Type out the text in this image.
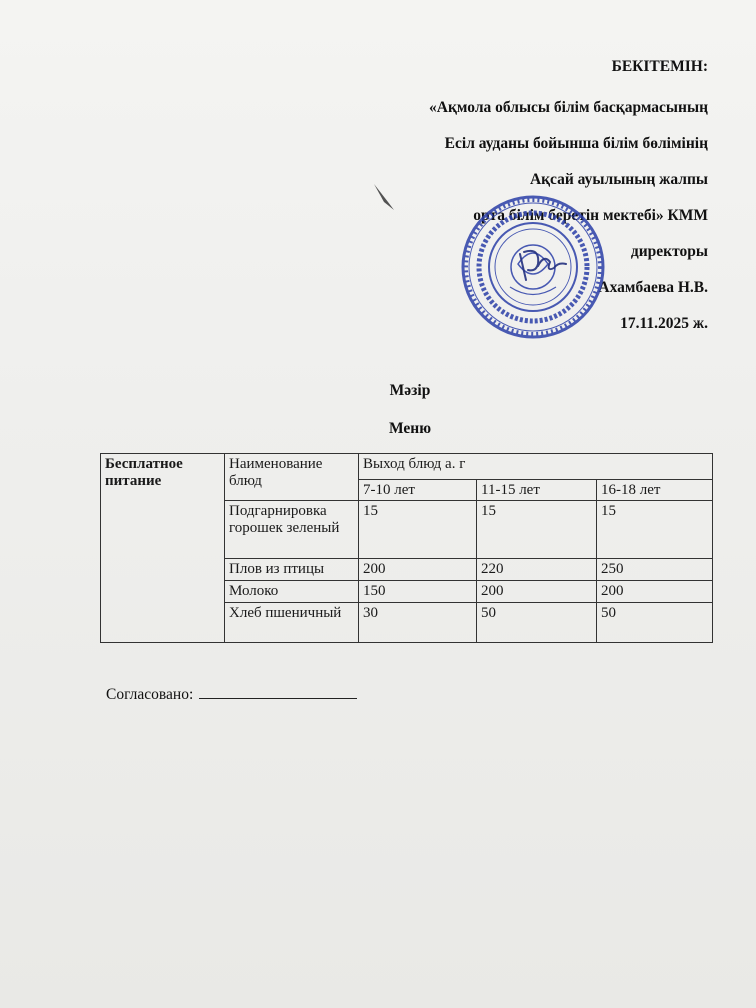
БЕКІТЕМІН:
«Ақмола облысы білім басқармасының
Есіл ауданы бойынша білім бөлімінің
Ақсай ауылының жалпы
орта білім беретін мектебі» КММ
директоры
Ахамбаева Н.В.
17.11.2025 ж.
Мәзір
Меню
Бесплатное питание	Наименование блюд	Выход блюд а. г		
		7-10 лет	11-15 лет	16-18 лет
	Подгарнировка горошек зеленый	15	15	15
	Плов из птицы	200	220	250
	Молоко	150	200	200
	Хлеб пшеничный	30	50	50
Согласовано:
